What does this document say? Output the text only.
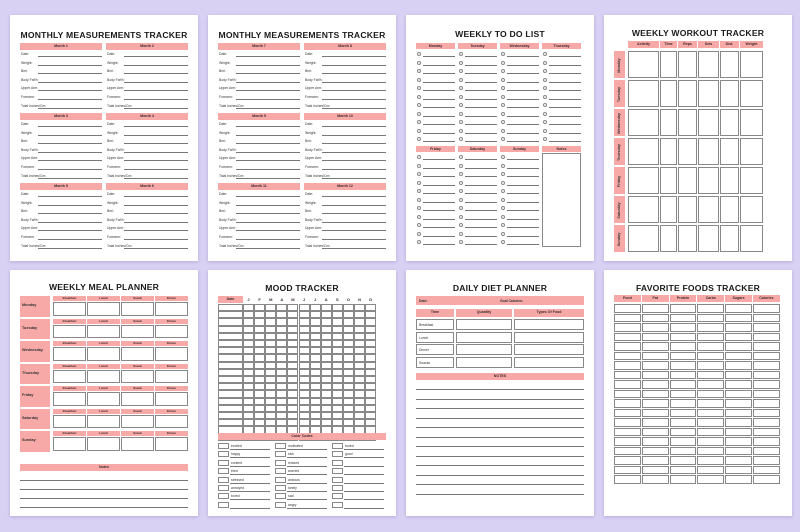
MONTHLY MEASUREMENTS TRACKER
Month 1
Date:
Weight:
Bmi:
Body Fat%:
Upper Arm:
Forearm:
Total Inches/Cm:
Month 2
Date:
Weight:
Bmi:
Body Fat%:
Upper Arm:
Forearm:
Total Inches/Cm:
Month 3
Date:
Weight:
Bmi:
Body Fat%:
Upper Arm:
Forearm:
Total Inches/Cm:
Month 4
Date:
Weight:
Bmi:
Body Fat%:
Upper Arm:
Forearm:
Total Inches/Cm:
Month 5
Date:
Weight:
Bmi:
Body Fat%:
Upper Arm:
Forearm:
Total Inches/Cm:
Month 6
Date:
Weight:
Bmi:
Body Fat%:
Upper Arm:
Forearm:
Total Inches/Cm:
MONTHLY MEASUREMENTS TRACKER
Month 7
Date:
Weight:
Bmi:
Body Fat%:
Upper Arm:
Forearm:
Total Inches/Cm:
Month 8
Date:
Weight:
Bmi:
Body Fat%:
Upper Arm:
Forearm:
Total Inches/Cm:
Month 9
Date:
Weight:
Bmi:
Body Fat%:
Upper Arm:
Forearm:
Total Inches/Cm:
Month 10
Date:
Weight:
Bmi:
Body Fat%:
Upper Arm:
Forearm:
Total Inches/Cm:
Month 11
Date:
Weight:
Bmi:
Body Fat%:
Upper Arm:
Forearm:
Total Inches/Cm:
Month 12
Date:
Weight:
Bmi:
Body Fat%:
Upper Arm:
Forearm:
Total Inches/Cm:
WEEKLY TO DO LIST
Monday	Tuesday	Wednesday	Thursday
Friday	Saturday	Sunday	Notes
WEEKLY WORKOUT TRACKER
Activity	Time	Reps	Sets	Dist.	Weight
Monday
Tuesday
Wednesday
Thursday
Friday
Saturday
Sunday
WEEKLY MEAL PLANNER
Monday
Breakfast	Lunch	Snack	Dinner
Tuesday
Breakfast	Lunch	Snack	Dinner
Wednesday
Breakfast	Lunch	Snack	Dinner
Thursday
Breakfast	Lunch	Snack	Dinner
Friday
Breakfast	Lunch	Snack	Dinner
Saturday
Breakfast	Lunch	Snack	Dinner
Sunday
Breakfast	Lunch	Snack	Dinner
Notes
MOOD TRACKER
Date	J	F	M	A	M	J	J	A	S	O	N	D
Color Codes
excited	motivated	bored
happy	sick	good
content	relaxed
tired	worried
stressed	anxious
annoyed	lonely
bored	sad
angry
DAILY DIET PLANNER
Date:	Goal Calories:
Time	Quantity	Types Of Food
Breakfast
Lunch
Dinner
Snacks
NOTES
FAVORITE FOODS TRACKER
Food	Fat	Protein	Carbs	Sugars	Calories
